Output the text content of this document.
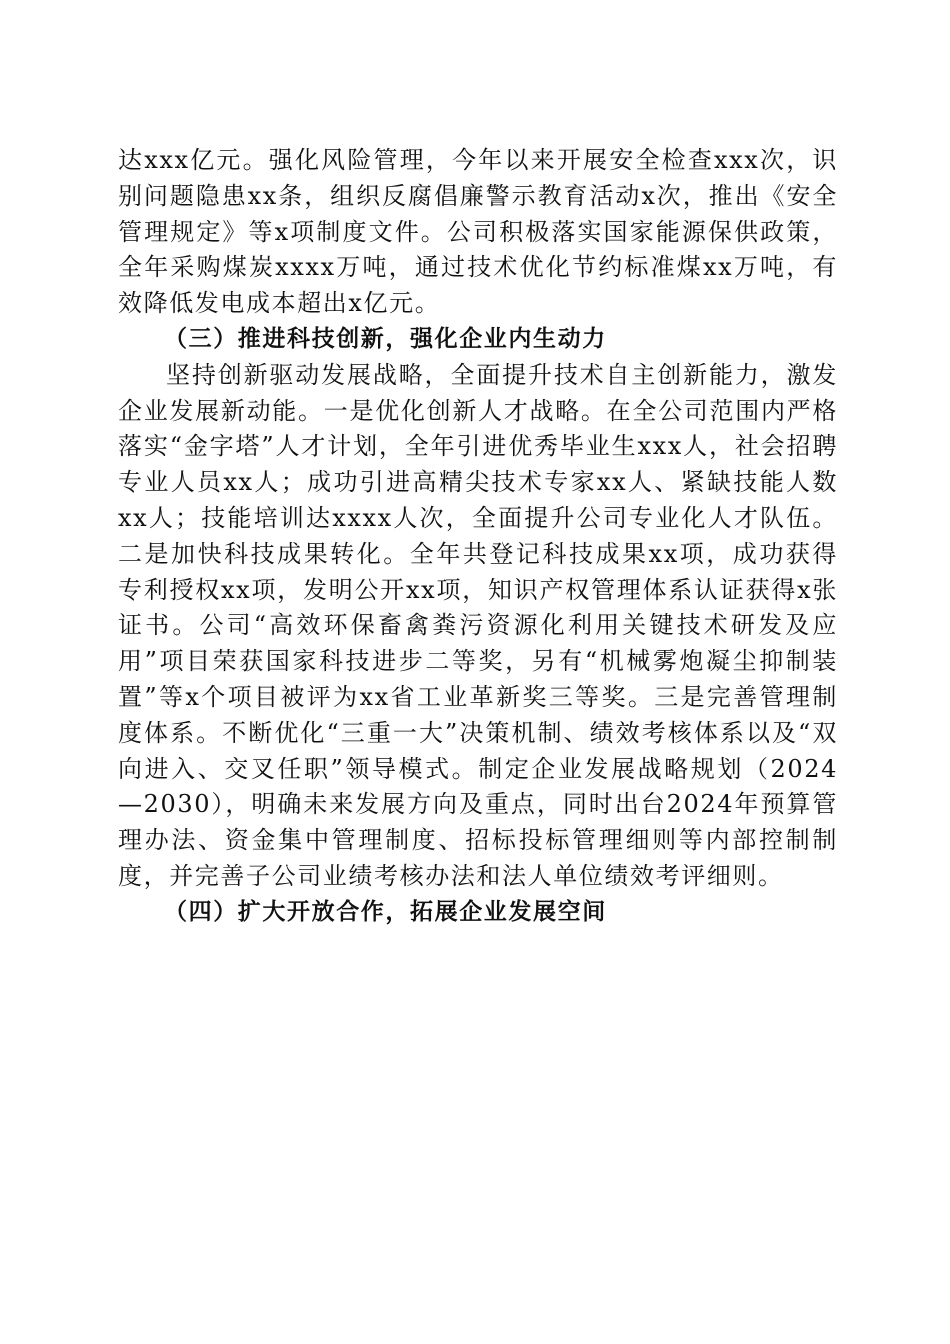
达xxx亿元。强化风险管理，今年以来开展安全检查xxx次，识别问题隐患xx条，组织反腐倡廉警示教育活动x次，推出《安全管理规定》等x项制度文件。公司积极落实国家能源保供政策，全年采购煤炭xxxx万吨，通过技术优化节约标准煤xx万吨，有效降低发电成本超出x亿元。

（三）推进科技创新，强化企业内生动力

坚持创新驱动发展战略，全面提升技术自主创新能力，激发企业发展新动能。一是优化创新人才战略。在全公司范围内严格落实“金字塔”人才计划，全年引进优秀毕业生xxx人，社会招聘专业人员xx人；成功引进高精尖技术专家xx人、紧缺技能人数xx人；技能培训达xxxx人次，全面提升公司专业化人才队伍。二是加快科技成果转化。全年共登记科技成果xx项，成功获得专利授权xx项，发明公开xx项，知识产权管理体系认证获得x张证书。公司“高效环保畜禽粪污资源化利用关键技术研发及应用”项目荣获国家科技进步二等奖，另有“机械雾炮凝尘抑制装置”等x个项目被评为xx省工业革新奖三等奖。三是完善管理制度体系。不断优化“三重一大”决策机制、绩效考核体系以及“双向进入、交叉任职”领导模式。制定企业发展战略规划（2024—2030），明确未来发展方向及重点，同时出台2024年预算管理办法、资金集中管理制度、招标投标管理细则等内部控制制度，并完善子公司业绩考核办法和法人单位绩效考评细则。

（四）扩大开放合作，拓展企业发展空间
